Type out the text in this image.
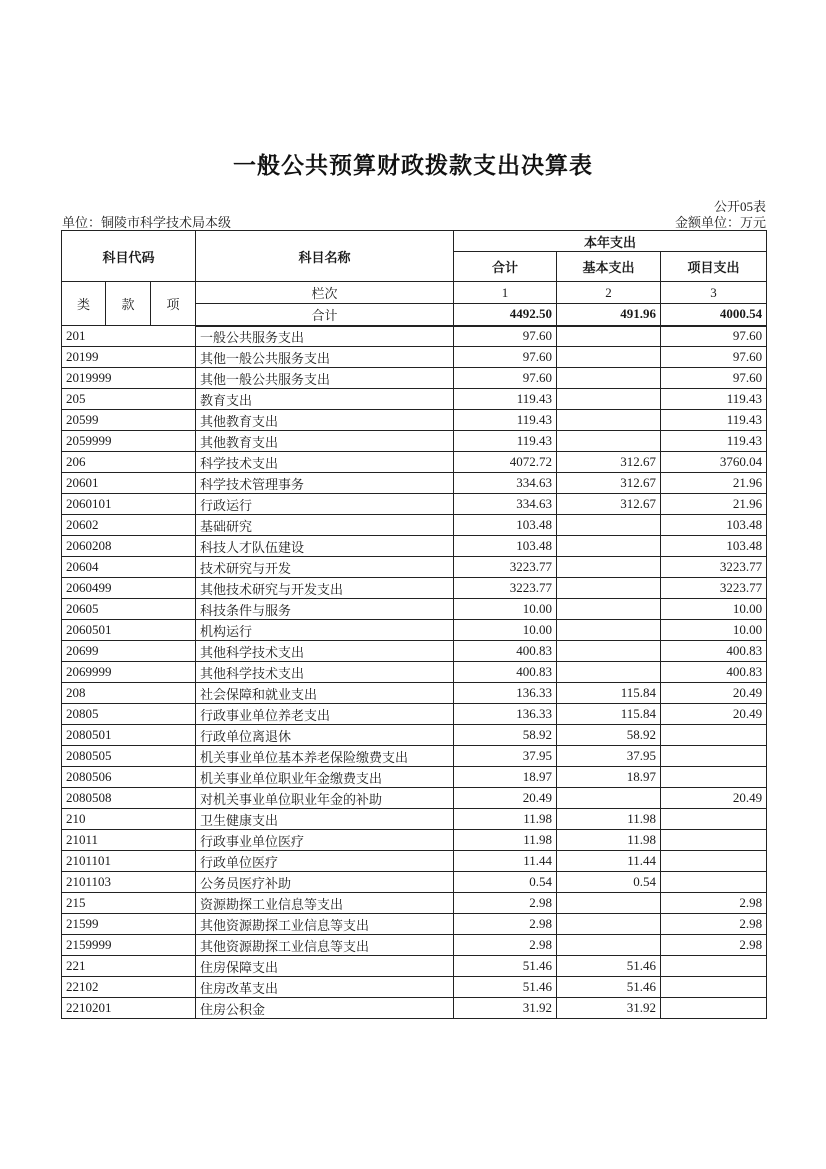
一般公共预算财政拨款支出决算表
公开05表
单位：铜陵市科学技术局本级	金额单位：万元
科目代码			科目名称	本年支出		
				合计	基本支出	项目支出
类	款	项	栏次	1	2	3
			合计	4492.50	491.96	4000.54
201			一般公共服务支出	97.60		97.60
20199			其他一般公共服务支出	97.60		97.60
2019999			其他一般公共服务支出	97.60		97.60
205			教育支出	119.43		119.43
20599			其他教育支出	119.43		119.43
2059999			其他教育支出	119.43		119.43
206			科学技术支出	4072.72	312.67	3760.04
20601			科学技术管理事务	334.63	312.67	21.96
2060101			行政运行	334.63	312.67	21.96
20602			基础研究	103.48		103.48
2060208			科技人才队伍建设	103.48		103.48
20604			技术研究与开发	3223.77		3223.77
2060499			其他技术研究与开发支出	3223.77		3223.77
20605			科技条件与服务	10.00		10.00
2060501			机构运行	10.00		10.00
20699			其他科学技术支出	400.83		400.83
2069999			其他科学技术支出	400.83		400.83
208			社会保障和就业支出	136.33	115.84	20.49
20805			行政事业单位养老支出	136.33	115.84	20.49
2080501			行政单位离退休	58.92	58.92	
2080505			机关事业单位基本养老保险缴费支出	37.95	37.95	
2080506			机关事业单位职业年金缴费支出	18.97	18.97	
2080508			对机关事业单位职业年金的补助	20.49		20.49
210			卫生健康支出	11.98	11.98	
21011			行政事业单位医疗	11.98	11.98	
2101101			行政单位医疗	11.44	11.44	
2101103			公务员医疗补助	0.54	0.54	
215			资源勘探工业信息等支出	2.98		2.98
21599			其他资源勘探工业信息等支出	2.98		2.98
2159999			其他资源勘探工业信息等支出	2.98		2.98
221			住房保障支出	51.46	51.46	
22102			住房改革支出	51.46	51.46	
2210201			住房公积金	31.92	31.92	
